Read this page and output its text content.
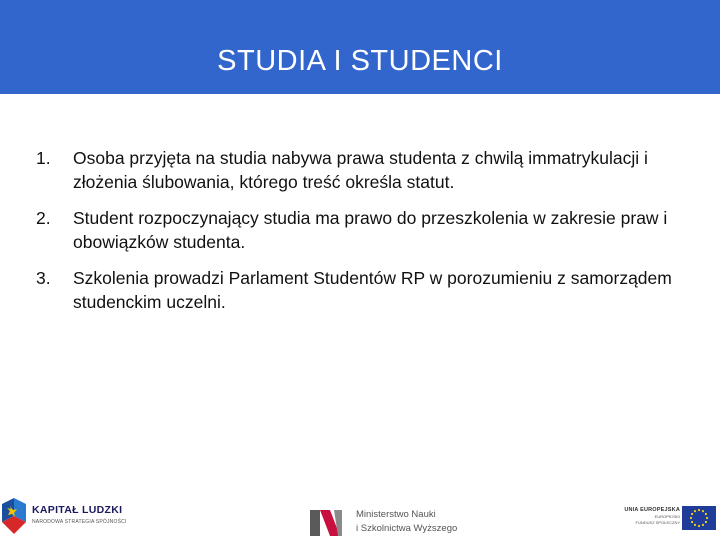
STUDIA I STUDENCI
1.	Osoba przyjęta na studia nabywa prawa studenta z chwilą immatrykulacji i złożenia ślubowania, którego treść określa statut.
2.	Student rozpoczynający studia ma prawo do przeszkolenia w zakresie praw i obowiązków studenta.
3.	Szkolenia prowadzi Parlament Studentów RP w porozumieniu z samorządem studenckim uczelni.
KAPITAŁ LUDZKI
NARODOWA STRATEGIA SPÓJNOŚCI
Ministerstwo Nauki
i Szkolnictwa Wyższego
UNIA EUROPEJSKA
EUROPEJSKI
FUNDUSZ SPOŁECZNY
